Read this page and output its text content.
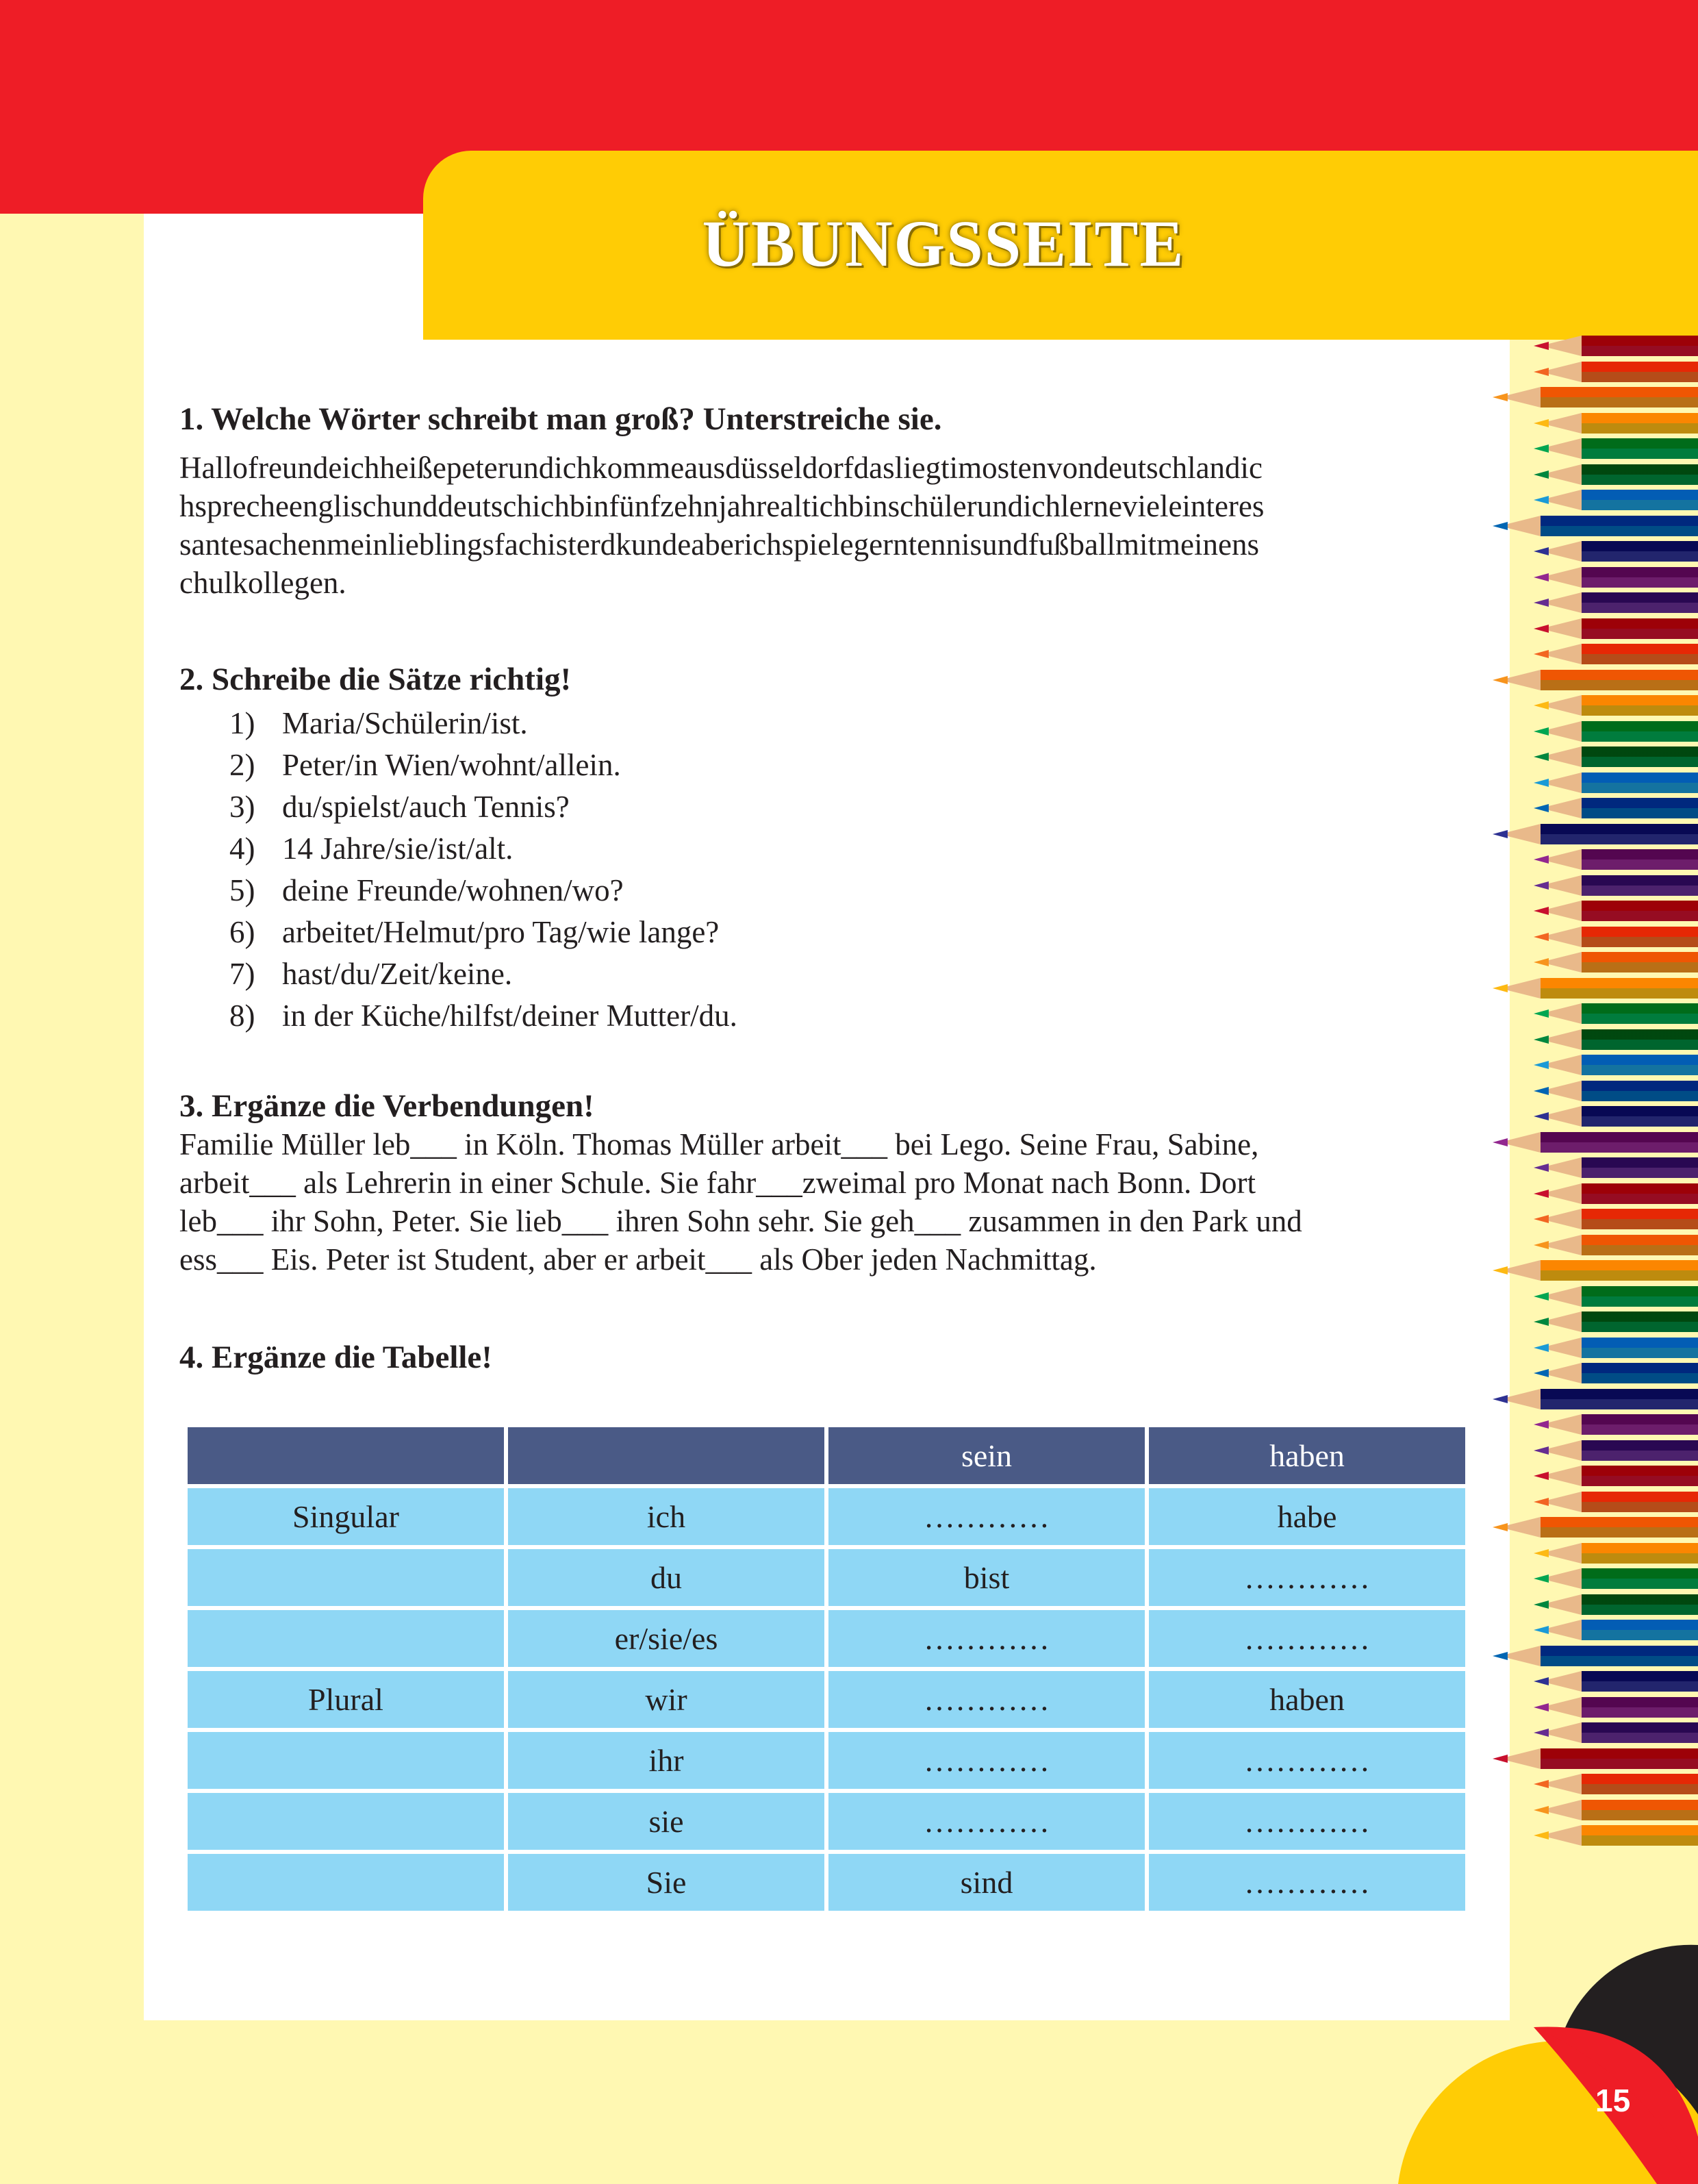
ÜBUNGSSEITE
1. Welche Wörter schreibt man groß? Unterstreiche sie.
Hallofreundeichheißepeterundichkommeausdüsseldorfdasliegtimostenvondeutschlandic
hsprecheenglischunddeutschichbinfünfzehnjahrealtichbinschülerundichlernevieleinteres
santesachenmeinlieblingsfachisterdkundeaberichspielegerntennisundfußballmitmeinens
chulkollegen.
2. Schreibe die Sätze richtig!
1) Maria/Schülerin/ist.
2) Peter/in Wien/wohnt/allein.
3) du/spielst/auch Tennis?
4) 14 Jahre/sie/ist/alt.
5) deine Freunde/wohnen/wo?
6) arbeitet/Helmut/pro Tag/wie lange?
7) hast/du/Zeit/keine.
8) in der Küche/hilfst/deiner Mutter/du.
3. Ergänze die Verbendungen!
Familie Müller leb___ in Köln. Thomas Müller arbeit___ bei Lego. Seine Frau, Sabine,
arbeit___ als Lehrerin in einer Schule. Sie fahr___zweimal pro Monat nach Bonn. Dort
leb___ ihr Sohn, Peter. Sie lieb___ ihren Sohn sehr. Sie geh___ zusammen in den Park und
ess___ Eis. Peter ist Student, aber er arbeit___ als Ober jeden Nachmittag.
4. Ergänze die Tabelle!
		sein	haben
Singular	ich	…………	habe
	du	bist	…………
	er/sie/es	…………	…………
Plural	wir	…………	haben
	ihr	…………	…………
	sie	…………	…………
	Sie	sind	…………
15
